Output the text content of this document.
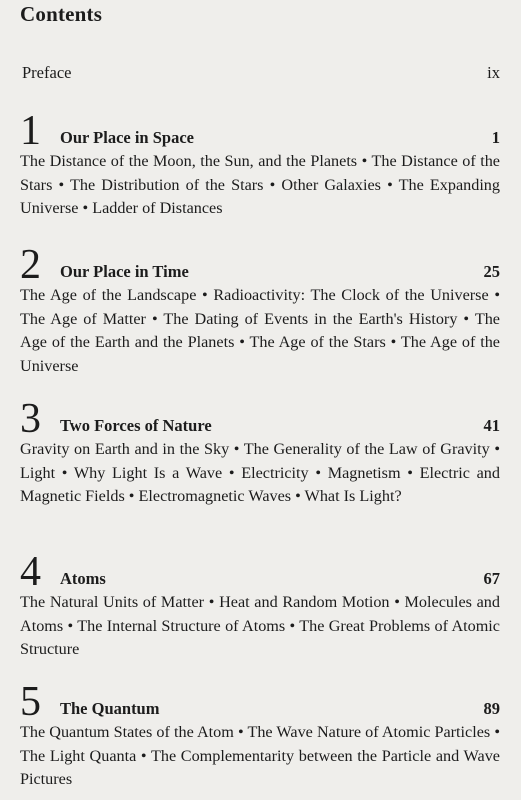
Contents
Preface	ix
1	Our Place in Space	1
The Distance of the Moon, the Sun, and the Planets • The Distance of the Stars • The Distribution of the Stars • Other Galaxies • The Expanding Universe • Ladder of Distances
2	Our Place in Time	25
The Age of the Landscape • Radioactivity: The Clock of the Universe • The Age of Matter • The Dating of Events in the Earth's History • The Age of the Earth and the Planets • The Age of the Stars • The Age of the Universe
3	Two Forces of Nature	41
Gravity on Earth and in the Sky • The Generality of the Law of Gravity • Light • Why Light Is a Wave • Electricity • Magnetism • Electric and Magnetic Fields • Electromagnetic Waves • What Is Light?
4	Atoms	67
The Natural Units of Matter • Heat and Random Motion • Molecules and Atoms • The Internal Structure of Atoms • The Great Problems of Atomic Structure
5	The Quantum	89
The Quantum States of the Atom • The Wave Nature of Atomic Particles • The Light Quanta • The Complementarity between the Particle and Wave Pictures
